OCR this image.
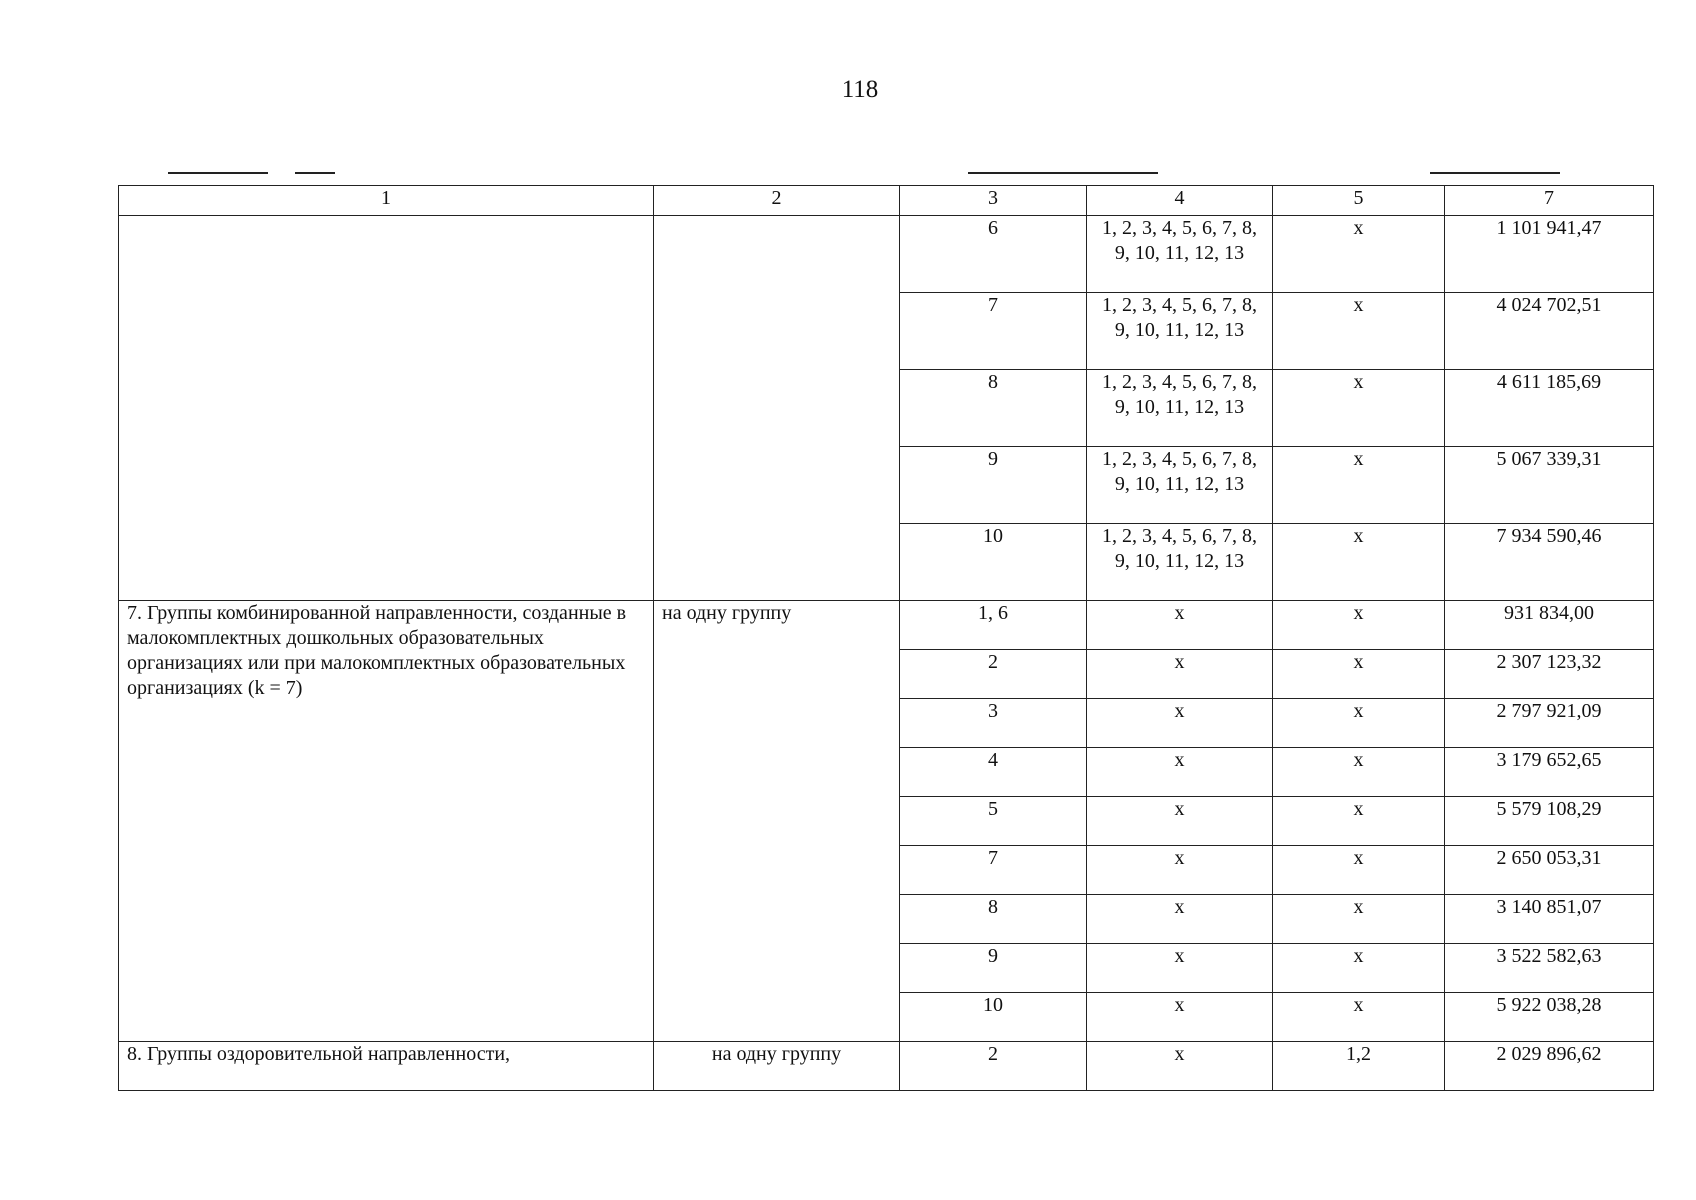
118
1	2	3	4	5	7
		6	1, 2, 3, 4, 5, 6, 7, 8, 9, 10, 11, 12, 13	х	1 101 941,47
		7	1, 2, 3, 4, 5, 6, 7, 8, 9, 10, 11, 12, 13	х	4 024 702,51
		8	1, 2, 3, 4, 5, 6, 7, 8, 9, 10, 11, 12, 13	х	4 611 185,69
		9	1, 2, 3, 4, 5, 6, 7, 8, 9, 10, 11, 12, 13	х	5 067 339,31
		10	1, 2, 3, 4, 5, 6, 7, 8, 9, 10, 11, 12, 13	х	7 934 590,46
7. Группы комбинированной направленности, созданные в малокомплектных дошкольных образовательных организациях или при малокомплектных образовательных организациях (k = 7)	на одну группу	1, 6	х	х	931 834,00
		2	х	х	2 307 123,32
		3	х	х	2 797 921,09
		4	х	х	3 179 652,65
		5	х	х	5 579 108,29
		7	х	х	2 650 053,31
		8	х	х	3 140 851,07
		9	х	х	3 522 582,63
		10	х	х	5 922 038,28
8. Группы оздоровительной направленности,	на одну группу	2	х	1,2	2 029 896,62
